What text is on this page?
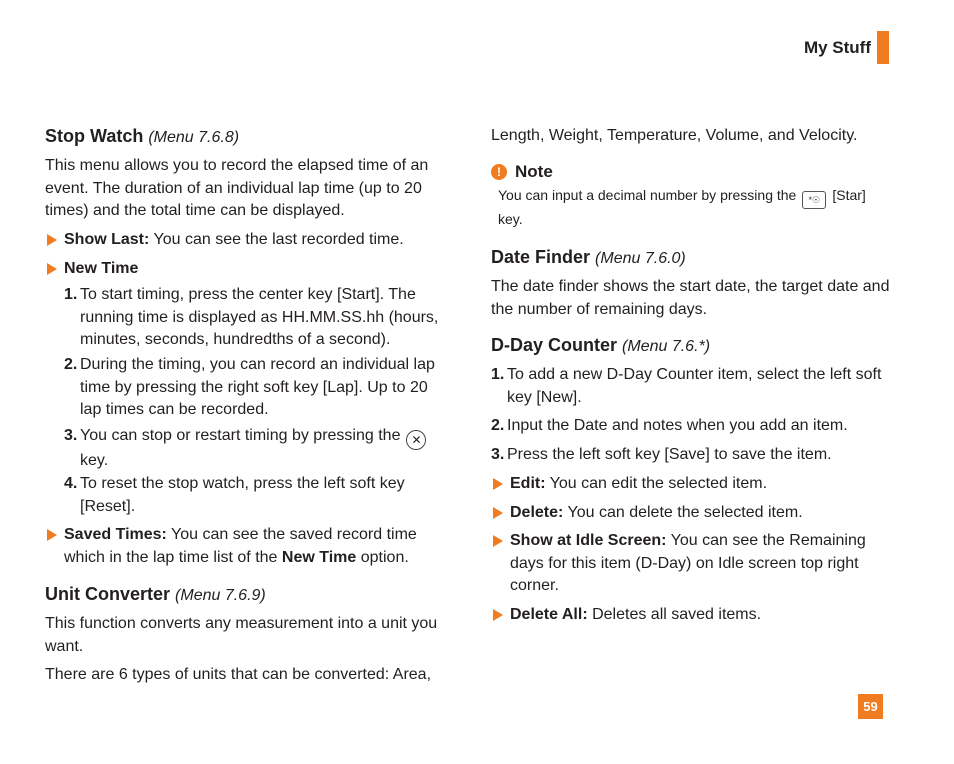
My Stuff
Stop Watch (Menu 7.6.8)
This menu allows you to record the elapsed time of an event. The duration of an individual lap time (up to 20 times) and the total time can be displayed.
Show Last: You can see the last recorded time.
New Time
1. To start timing, press the center key [Start]. The running time is displayed as HH.MM.SS.hh (hours, minutes, seconds, hundredths of a second).
2. During the timing, you can record an individual lap time by pressing the right soft key [Lap]. Up to 20 lap times can be recorded.
3. You can stop or restart timing by pressing the ✕
key.
4. To reset the stop watch, press the left soft key [Reset].
Saved Times: You can see the saved record time which in the lap time list of the New Time option.
Unit Converter (Menu 7.6.9)
This function converts any measurement into a unit you want.
There are 6 types of units that can be converted: Area,
Length, Weight, Temperature, Volume, and Velocity.
! Note
You can input a decimal number by pressing the *☉ [Star] key.
Date Finder (Menu 7.6.0)
The date finder shows the start date, the target date and the number of remaining days.
D-Day Counter (Menu 7.6.*)
1. To add a new D-Day Counter item, select the left soft key [New].
2. Input the Date and notes when you add an item.
3. Press the left soft key [Save] to save the item.
Edit: You can edit the selected item.
Delete: You can delete the selected item.
Show at Idle Screen: You can see the Remaining days for this item (D-Day) on Idle screen top right corner.
Delete All: Deletes all saved items.
59
